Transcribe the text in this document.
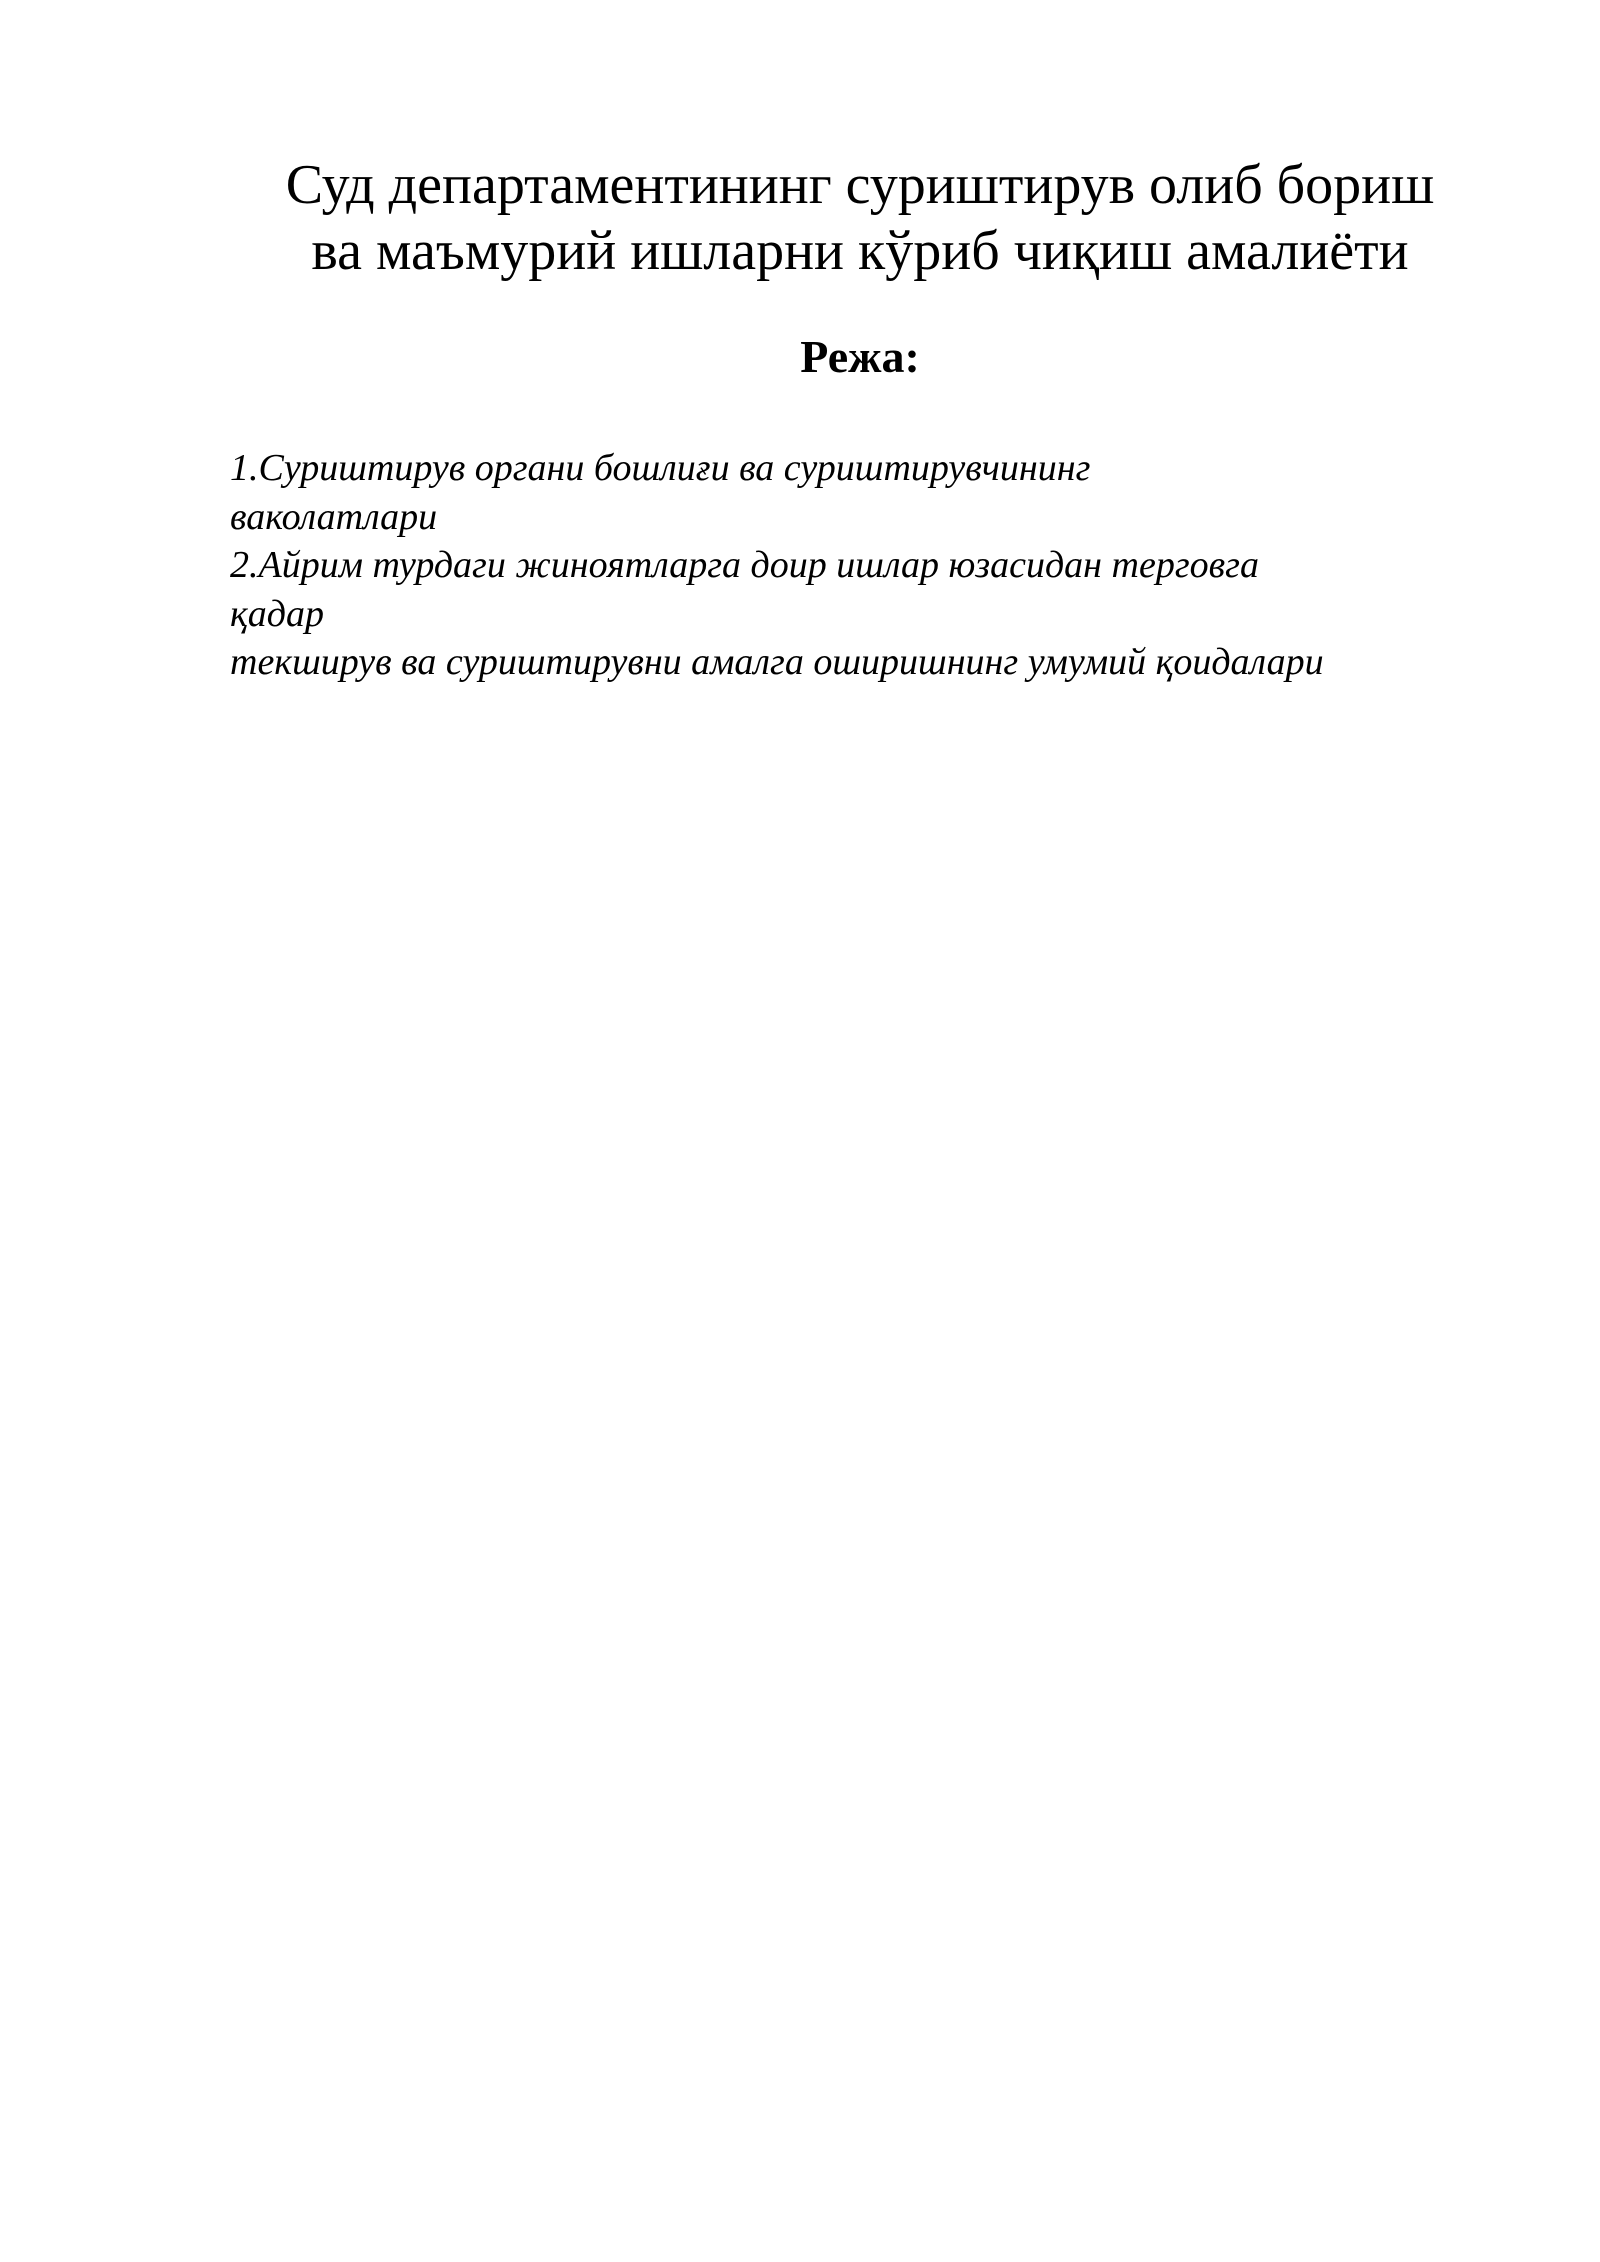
Суд департаментининг суриштирув олиб бориш
ва маъмурий ишларни кўриб чиқиш амалиёти
Режа:
1.Суриштирув органи бошлиғи ва суриштирувчининг
ваколатлари
2.Айрим турдаги жиноятларга доир ишлар юзасидан терговга
қадар
текширув ва суриштирувни амалга оширишнинг умумий қоидалари
